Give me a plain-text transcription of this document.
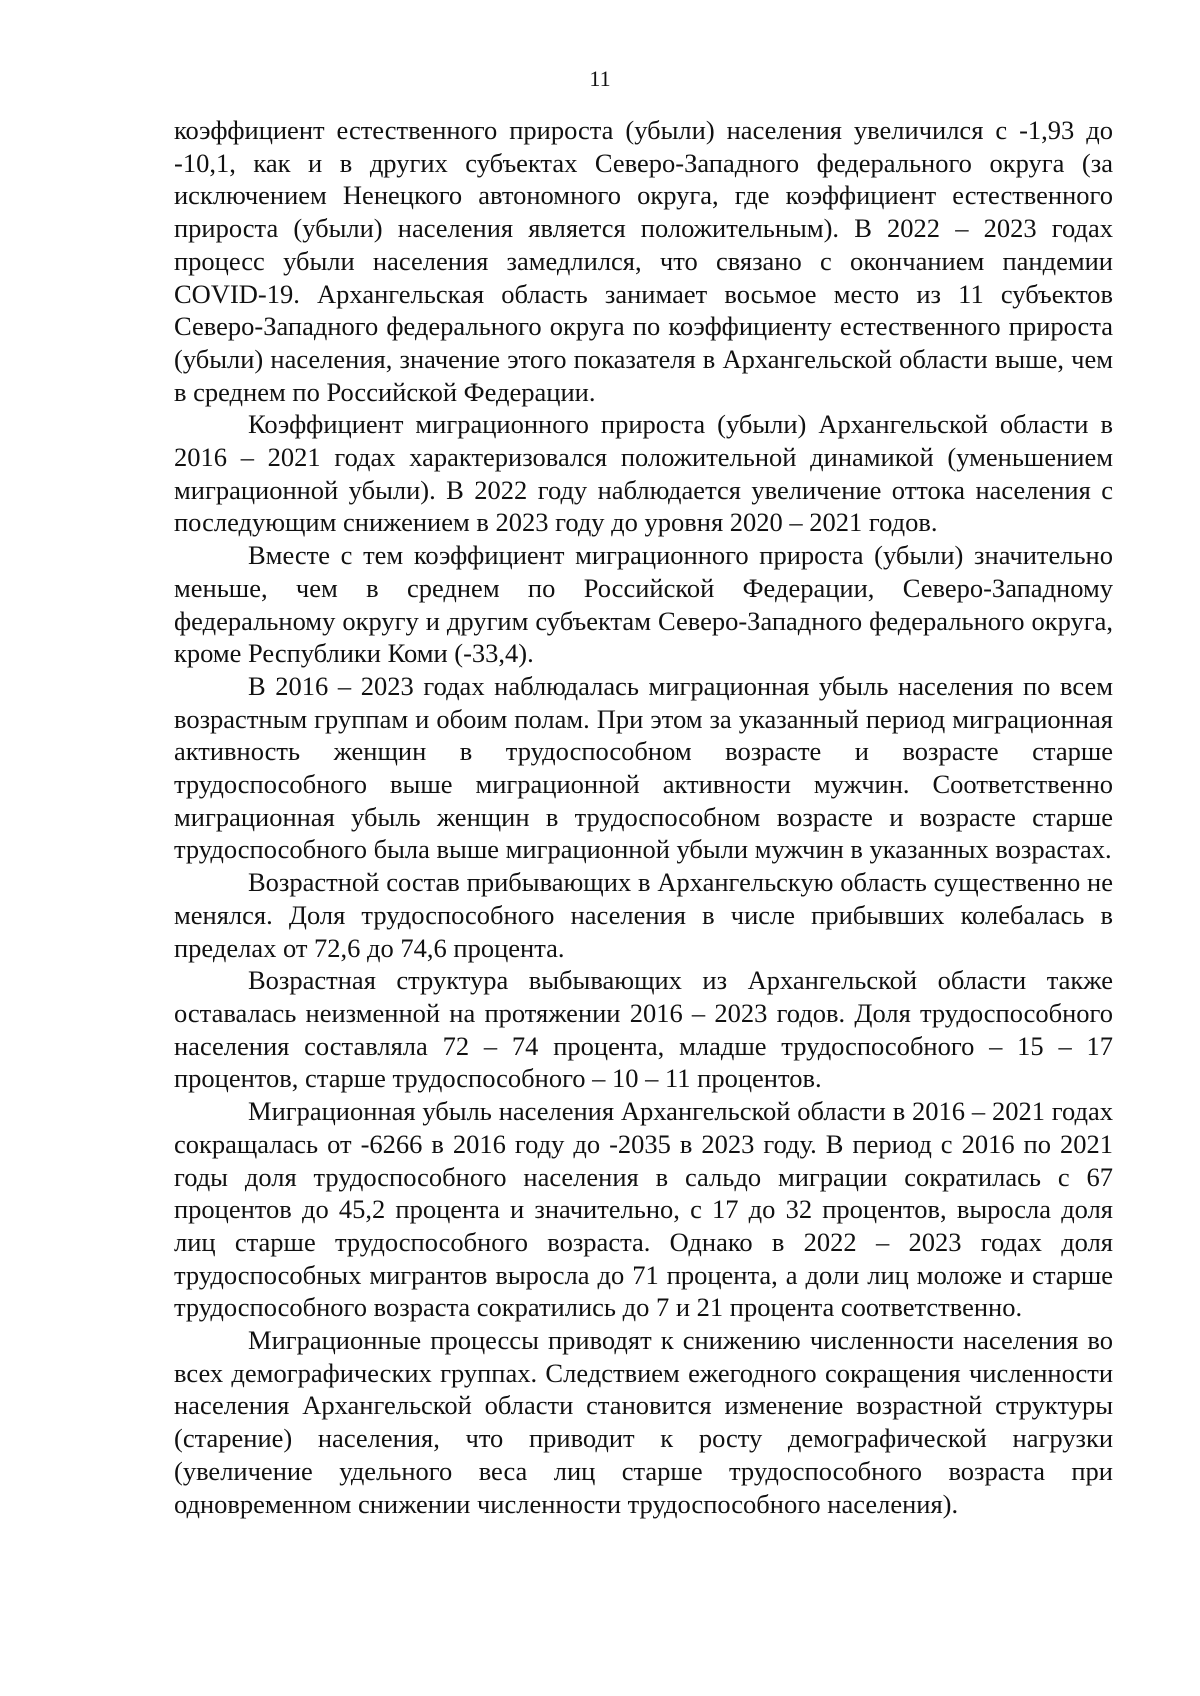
11

коэффициент естественного прироста (убыли) населения увеличился с -1,93 до -10,1, как и в других субъектах Северо-Западного федерального округа (за исключением Ненецкого автономного округа, где коэффициент естественного прироста (убыли) населения является положительным). В 2022 – 2023 годах процесс убыли населения замедлился, что связано с окончанием пандемии COVID-19. Архангельская область занимает восьмое место из 11 субъектов Северо-Западного федерального округа по коэффициенту естественного прироста (убыли) населения, значение этого показателя в Архангельской области выше, чем в среднем по Российской Федерации.

Коэффициент миграционного прироста (убыли) Архангельской области в 2016 – 2021 годах характеризовался положительной динамикой (уменьшением миграционной убыли). В 2022 году наблюдается увеличение оттока населения с последующим снижением в 2023 году до уровня 2020 – 2021 годов.

Вместе с тем коэффициент миграционного прироста (убыли) значительно меньше, чем в среднем по Российской Федерации, Северо-Западному федеральному округу и другим субъектам Северо-Западного федерального округа, кроме Республики Коми (-33,4).

В 2016 – 2023 годах наблюдалась миграционная убыль населения по всем возрастным группам и обоим полам. При этом за указанный период миграционная активность женщин в трудоспособном возрасте и возрасте старше трудоспособного выше миграционной активности мужчин. Соответственно миграционная убыль женщин в трудоспособном возрасте и возрасте старше трудоспособного была выше миграционной убыли мужчин в указанных возрастах.

Возрастной состав прибывающих в Архангельскую область существенно не менялся. Доля трудоспособного населения в числе прибывших колебалась в пределах от 72,6 до 74,6 процента.

Возрастная структура выбывающих из Архангельской области также оставалась неизменной на протяжении 2016 – 2023 годов. Доля трудоспособного населения составляла 72 – 74 процента, младше трудоспособного – 15 – 17 процентов, старше трудоспособного – 10 – 11 процентов.

Миграционная убыль населения Архангельской области в 2016 – 2021 годах сокращалась от -6266 в 2016 году до -2035 в 2023 году. В период с 2016 по 2021 годы доля трудоспособного населения в сальдо миграции сократилась с 67 процентов до 45,2 процента и значительно, с 17 до 32 процентов, выросла доля лиц старше трудоспособного возраста. Однако в 2022 – 2023 годах доля трудоспособных мигрантов выросла до 71 процента, а доли лиц моложе и старше трудоспособного возраста сократились до 7 и 21 процента соответственно.

Миграционные процессы приводят к снижению численности населения во всех демографических группах. Следствием ежегодного сокращения численности населения Архангельской области становится изменение возрастной структуры (старение) населения, что приводит к росту демографической нагрузки (увеличение удельного веса лиц старше трудоспособного возраста при одновременном снижении численности трудоспособного населения).
